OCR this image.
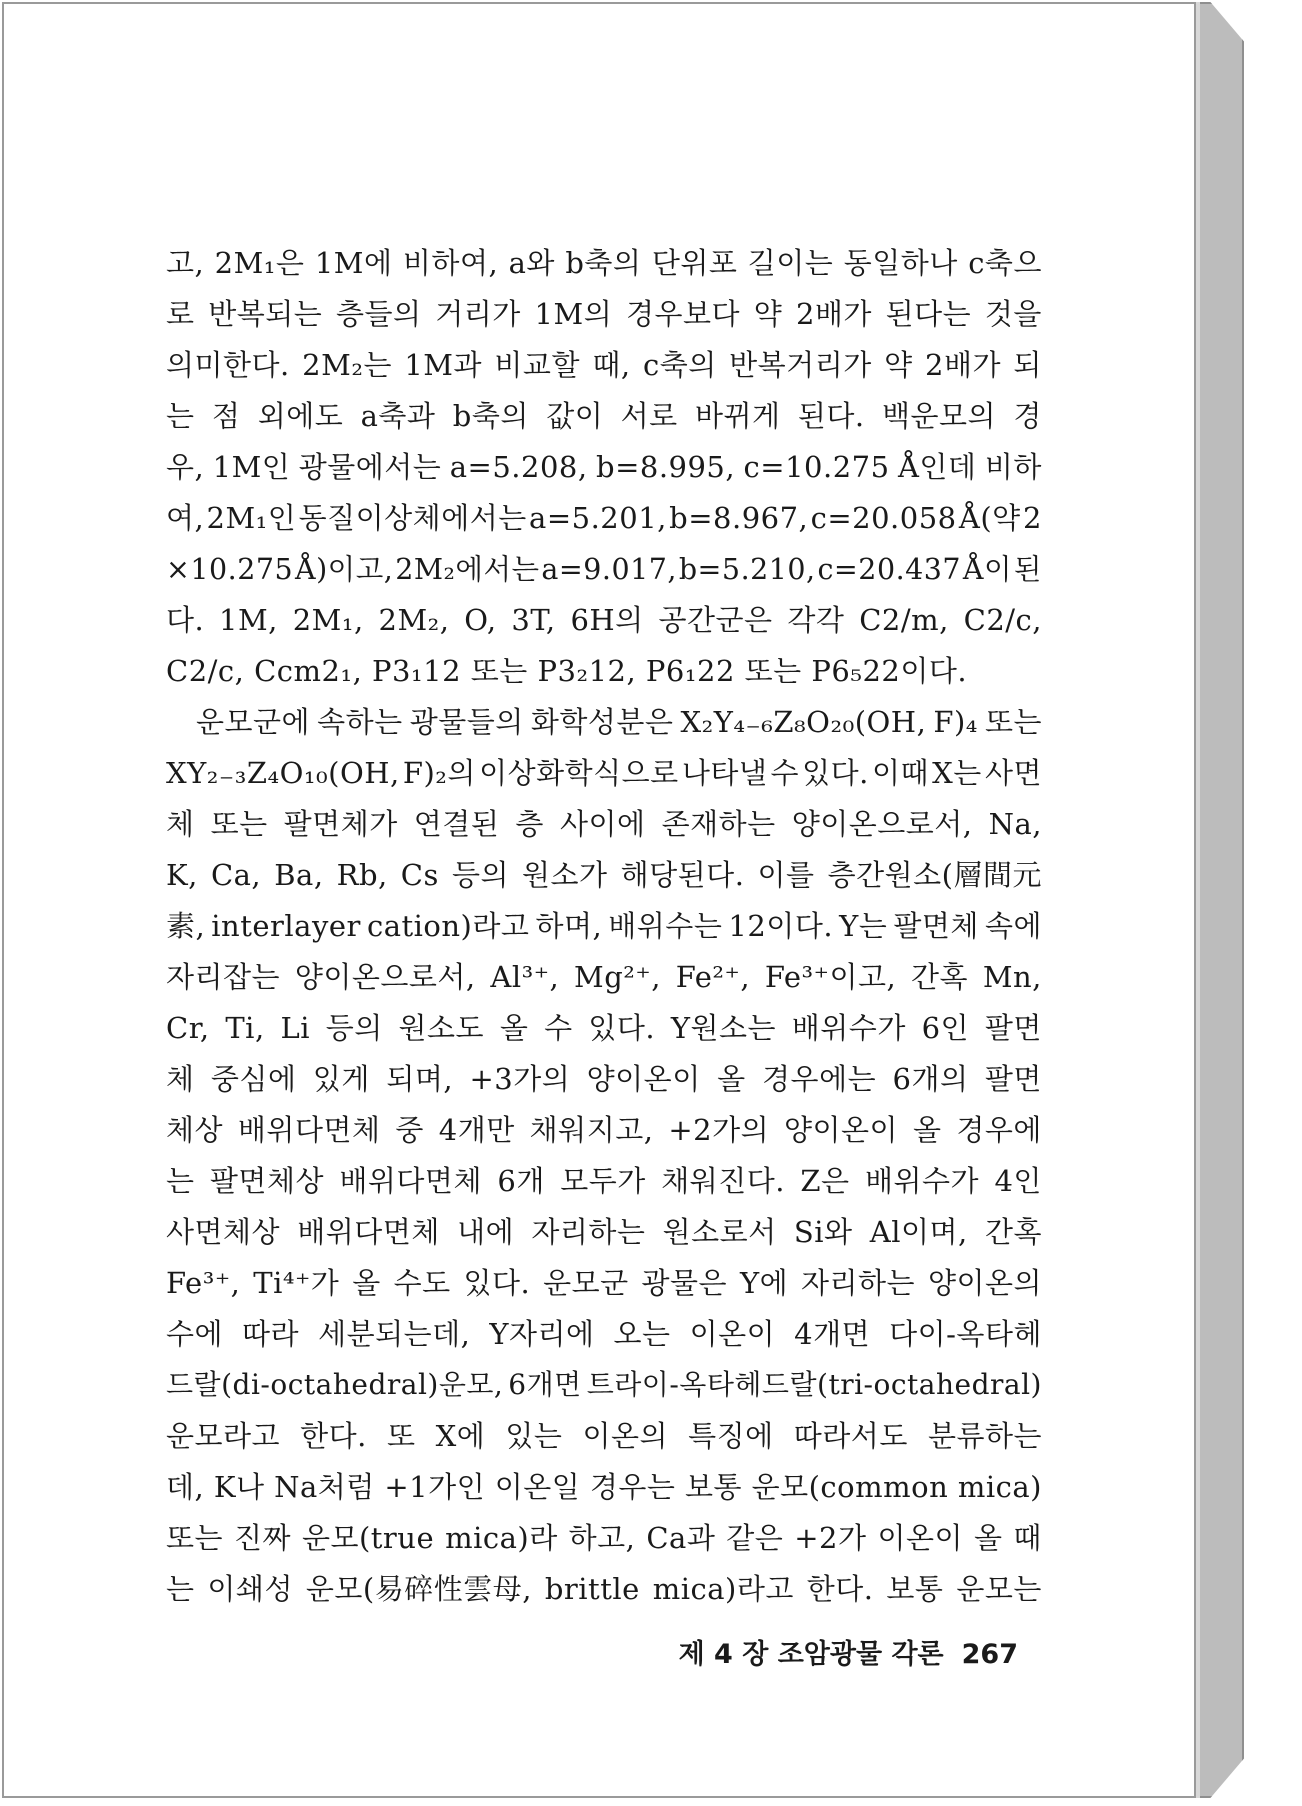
고, 2M₁은 1M에 비하여, a와 b축의 단위포 길이는 동일하나 c축으
로 반복되는 층들의 거리가 1M의 경우보다 약 2배가 된다는 것을
의미한다. 2M₂는 1M과 비교할 때, c축의 반복거리가 약 2배가 되
는 점 외에도 a축과 b축의 값이 서로 바뀌게 된다. 백운모의 경
우, 1M인 광물에서는 a=5.208, b=8.995, c=10.275 Å인데 비하
여, 2M₁인 동질이상체에서는 a=5.201, b=8.967, c=20.058 Å(약 2
×10.275 Å)이고, 2M₂에서는 a=9.017, b=5.210, c=20.437 Å이 된
다. 1M, 2M₁, 2M₂, O, 3T, 6H의 공간군은 각각 C2/m, C2/c,
C2/c, Ccm2₁, P3₁12 또는 P3₂12, P6₁22 또는 P6₅22이다.
운모군에 속하는 광물들의 화학성분은 X₂Y₄₋₆Z₈O₂₀(OH, F)₄ 또는
XY₂₋₃Z₄O₁₀(OH, F)₂의 이상화학식으로 나타낼 수 있다. 이때 X는 사면
체 또는 팔면체가 연결된 층 사이에 존재하는 양이온으로서, Na,
K, Ca, Ba, Rb, Cs 등의 원소가 해당된다. 이를 층간원소(層間元
素, interlayer cation)라고 하며, 배위수는 12이다. Y는 팔면체 속에
자리잡는 양이온으로서, Al³⁺, Mg²⁺, Fe²⁺, Fe³⁺이고, 간혹 Mn,
Cr, Ti, Li 등의 원소도 올 수 있다. Y원소는 배위수가 6인 팔면
체 중심에 있게 되며, +3가의 양이온이 올 경우에는 6개의 팔면
체상 배위다면체 중 4개만 채워지고, +2가의 양이온이 올 경우에
는 팔면체상 배위다면체 6개 모두가 채워진다. Z은 배위수가 4인
사면체상 배위다면체 내에 자리하는 원소로서 Si와 Al이며, 간혹
Fe³⁺, Ti⁴⁺가 올 수도 있다. 운모군 광물은 Y에 자리하는 양이온의
수에 따라 세분되는데, Y자리에 오는 이온이 4개면 다이-옥타헤
드랄(di-octahedral)운모, 6개면 트라이-옥타헤드랄(tri-octahedral)
운모라고 한다. 또 X에 있는 이온의 특징에 따라서도 분류하는
데, K나 Na처럼 +1가인 이온일 경우는 보통 운모(common mica)
또는 진짜 운모(true mica)라 하고, Ca과 같은 +2가 이온이 올 때
는 이쇄성 운모(易碎性雲母, brittle mica)라고 한다. 보통 운모는
제 4 장 조암광물 각론 267
